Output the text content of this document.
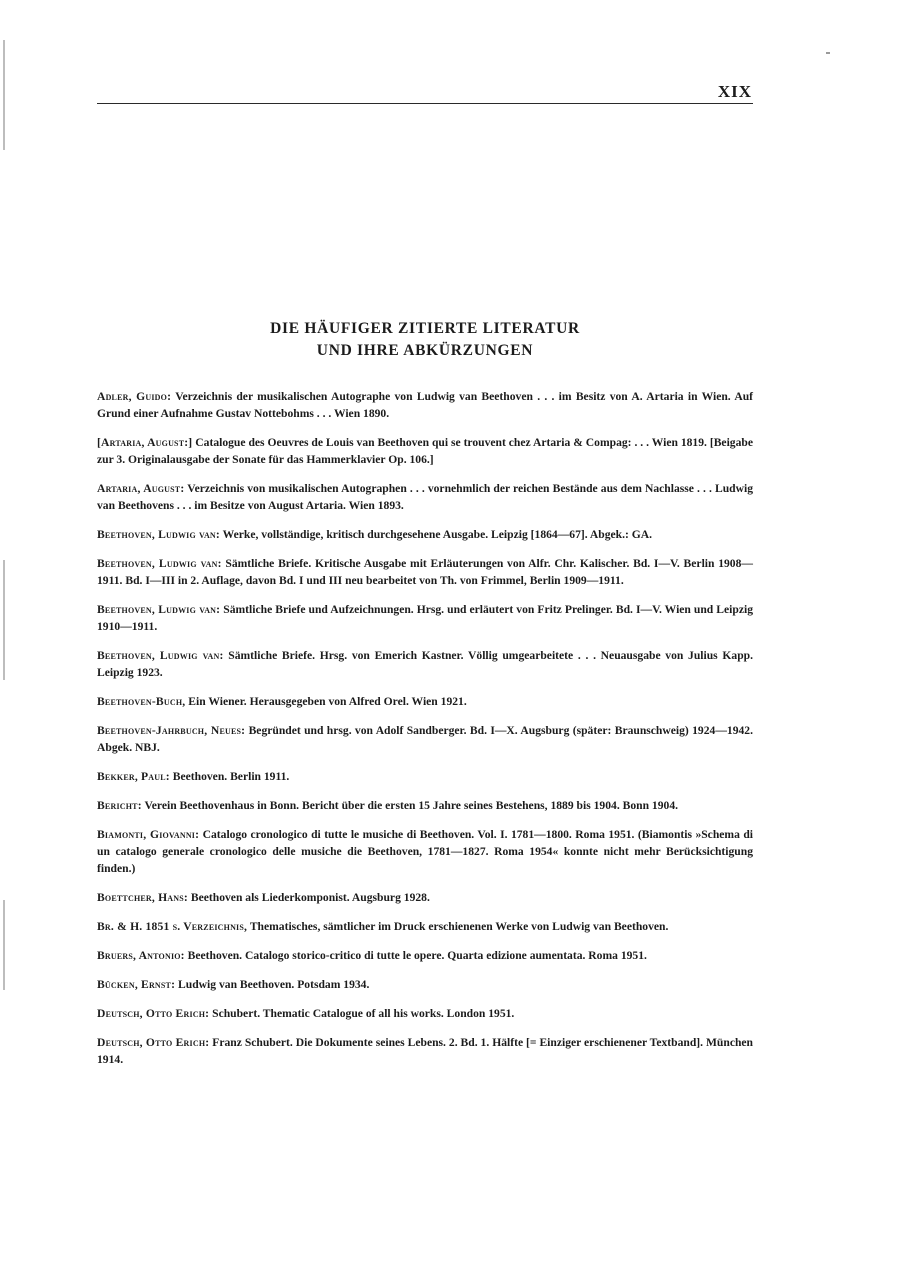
XIX
DIE HÄUFIGER ZITIERTE LITERATUR
UND IHRE ABKÜRZUNGEN

Adler, Guido: Verzeichnis der musikalischen Autographe von Ludwig van Beethoven . . . im Besitz von A. Artaria in Wien. Auf Grund einer Aufnahme Gustav Nottebohms . . . Wien 1890.

[Artaria, August:] Catalogue des Oeuvres de Louis van Beethoven qui se trouvent chez Artaria & Compag: . . . Wien 1819. [Beigabe zur 3. Originalausgabe der Sonate für das Hammerklavier Op. 106.]

Artaria, August: Verzeichnis von musikalischen Autographen . . . vornehmlich der reichen Bestände aus dem Nachlasse . . . Ludwig van Beethovens . . . im Besitze von August Artaria. Wien 1893.

Beethoven, Ludwig van: Werke, vollständige, kritisch durchgesehene Ausgabe. Leipzig [1864—67]. Abgek.: GA.

Beethoven, Ludwig van: Sämtliche Briefe. Kritische Ausgabe mit Erläuterungen von Alfr. Chr. Kalischer. Bd. I—V. Berlin 1908—1911. Bd. I—III in 2. Auflage, davon Bd. I und III neu bearbeitet von Th. von Frimmel, Berlin 1909—1911.

Beethoven, Ludwig van: Sämtliche Briefe und Aufzeichnungen. Hrsg. und erläutert von Fritz Prelinger. Bd. I—V. Wien und Leipzig 1910—1911.

Beethoven, Ludwig van: Sämtliche Briefe. Hrsg. von Emerich Kastner. Völlig umgearbeitete . . . Neuausgabe von Julius Kapp. Leipzig 1923.

Beethoven-Buch, Ein Wiener. Herausgegeben von Alfred Orel. Wien 1921.

Beethoven-Jahrbuch, Neues: Begründet und hrsg. von Adolf Sandberger. Bd. I—X. Augsburg (später: Braunschweig) 1924—1942. Abgek. NBJ.

Bekker, Paul: Beethoven. Berlin 1911.

Bericht: Verein Beethovenhaus in Bonn. Bericht über die ersten 15 Jahre seines Bestehens, 1889 bis 1904. Bonn 1904.

Biamonti, Giovanni: Catalogo cronologico di tutte le musiche di Beethoven. Vol. I. 1781—1800. Roma 1951. (Biamontis »Schema di un catalogo generale cronologico delle musiche die Beethoven, 1781—1827. Roma 1954« konnte nicht mehr Berücksichtigung finden.)

Boettcher, Hans: Beethoven als Liederkomponist. Augsburg 1928.

Br. & H. 1851 s. Verzeichnis, Thematisches, sämtlicher im Druck erschienenen Werke von Ludwig van Beethoven.

Bruers, Antonio: Beethoven. Catalogo storico-critico di tutte le opere. Quarta edizione aumentata. Roma 1951.

Bücken, Ernst: Ludwig van Beethoven. Potsdam 1934.

Deutsch, Otto Erich: Schubert. Thematic Catalogue of all his works. London 1951.

Deutsch, Otto Erich: Franz Schubert. Die Dokumente seines Lebens. 2. Bd. 1. Hälfte [= Einziger erschienener Textband]. München 1914.
